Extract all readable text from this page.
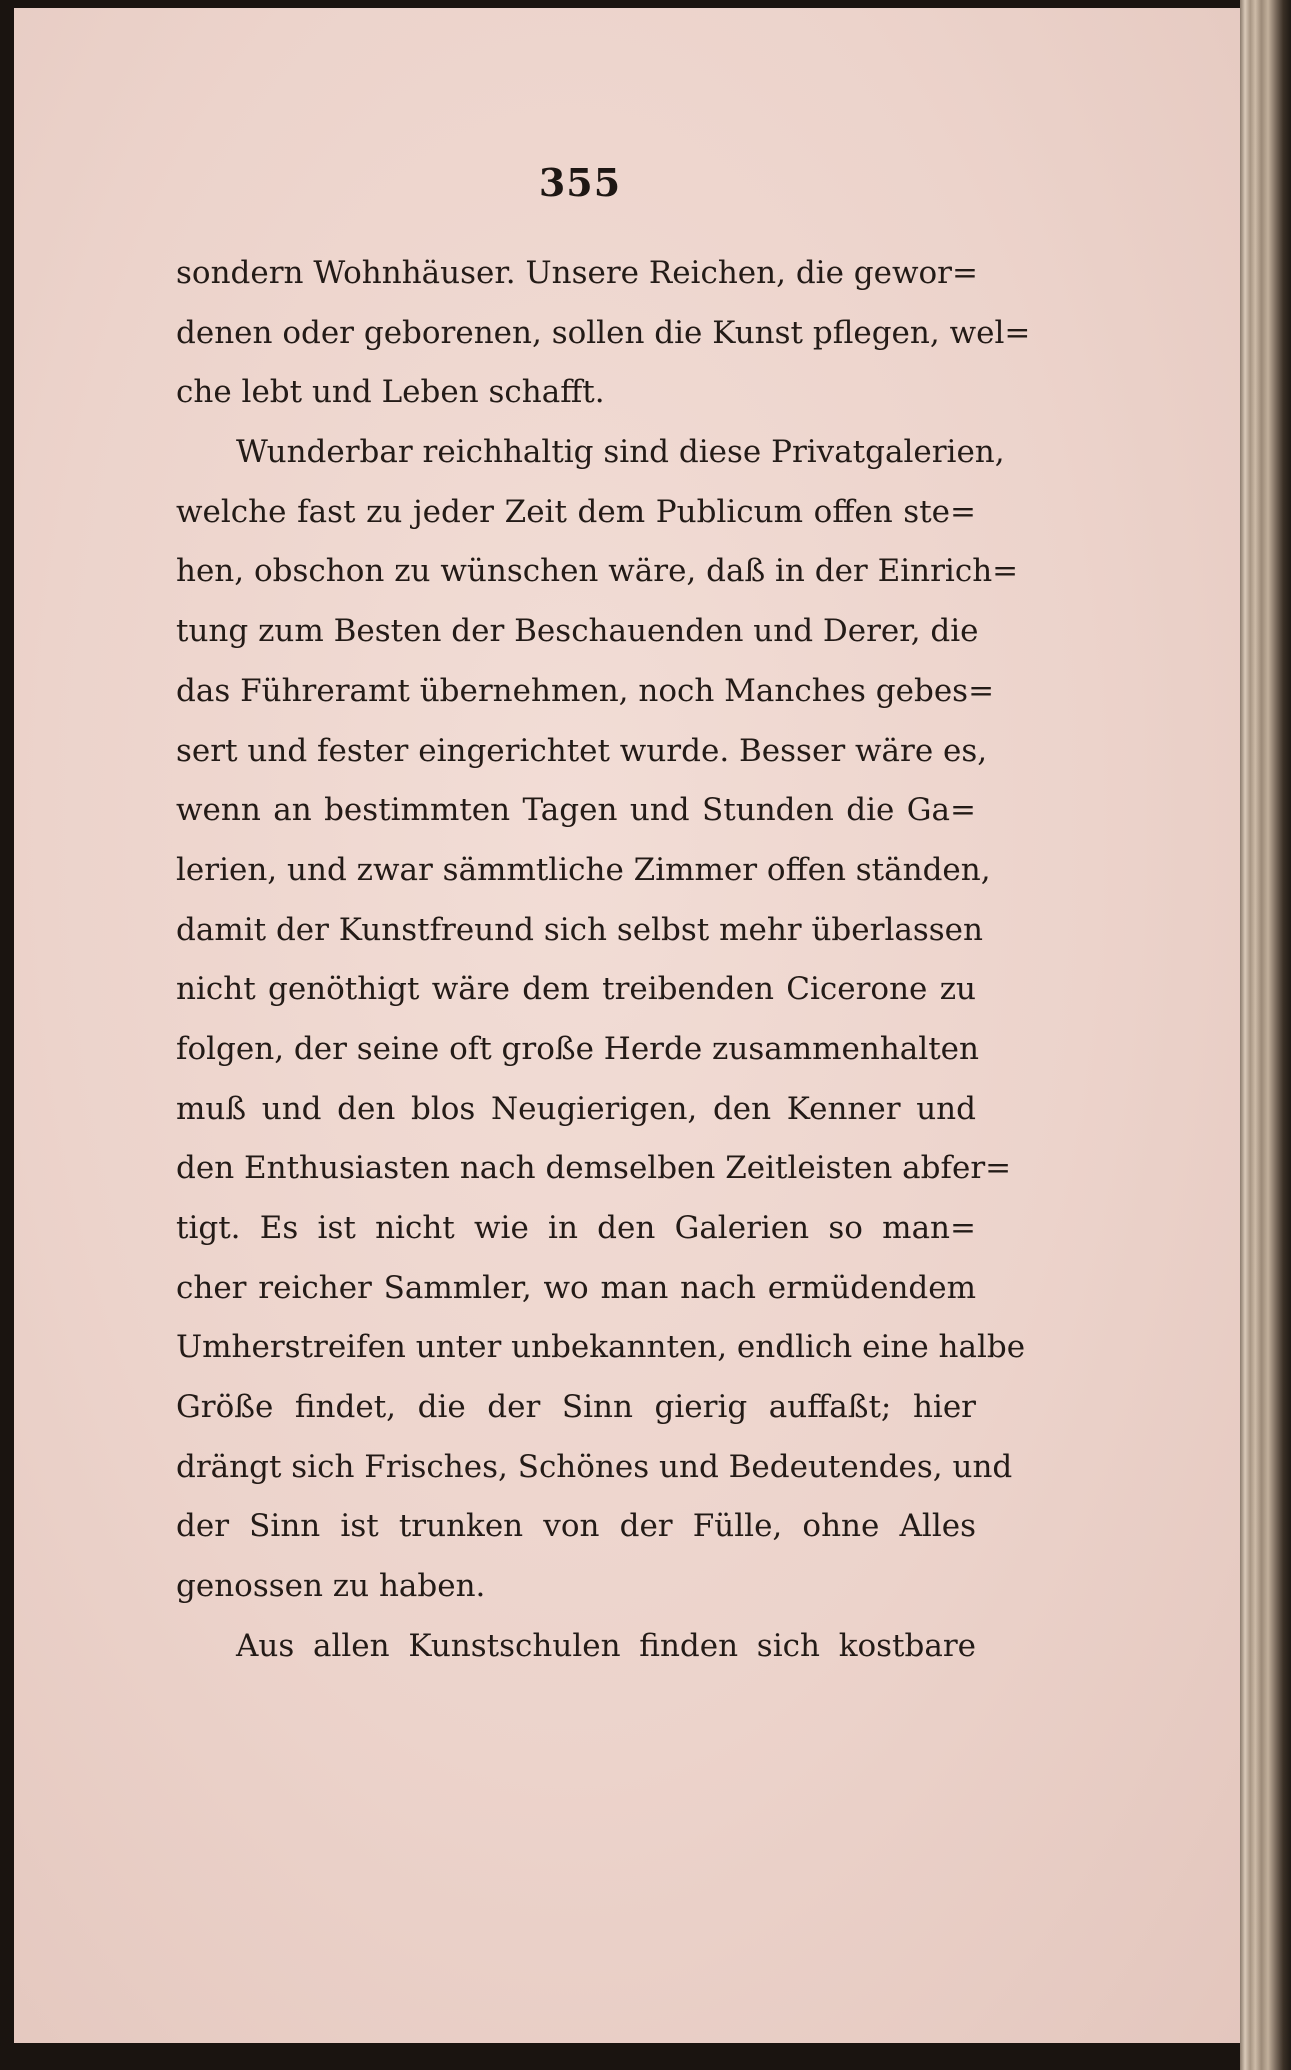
355
sondern Wohnhäuser. Unsere Reichen, die gewor=
denen oder geborenen, sollen die Kunst pflegen, wel=
che lebt und Leben schafft.
Wunderbar reichhaltig sind diese Privatgalerien,
welche fast zu jeder Zeit dem Publicum offen ste=
hen, obschon zu wünschen wäre, daß in der Einrich=
tung zum Besten der Beschauenden und Derer, die
das Führeramt übernehmen, noch Manches gebes=
sert und fester eingerichtet wurde. Besser wäre es,
wenn an bestimmten Tagen und Stunden die Ga=
lerien, und zwar sämmtliche Zimmer offen ständen,
damit der Kunstfreund sich selbst mehr überlassen
nicht genöthigt wäre dem treibenden Cicerone zu
folgen, der seine oft große Herde zusammenhalten
muß und den blos Neugierigen, den Kenner und
den Enthusiasten nach demselben Zeitleisten abfer=
tigt. Es ist nicht wie in den Galerien so man=
cher reicher Sammler, wo man nach ermüdendem
Umherstreifen unter unbekannten, endlich eine halbe
Größe findet, die der Sinn gierig auffaßt; hier
drängt sich Frisches, Schönes und Bedeutendes, und
der Sinn ist trunken von der Fülle, ohne Alles
genossen zu haben.
Aus allen Kunstschulen finden sich kostbare
